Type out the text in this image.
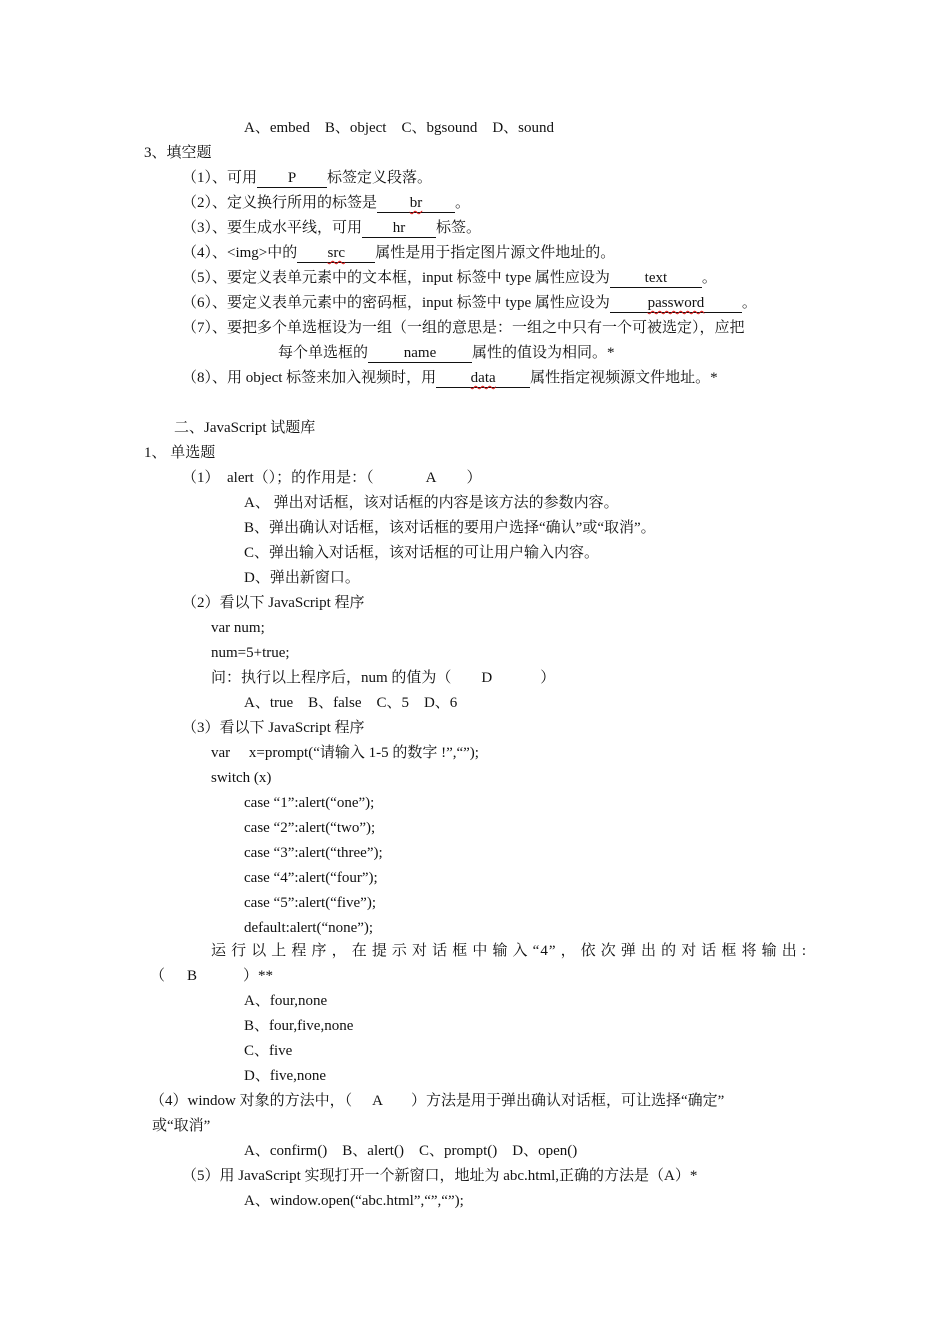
A、embed　B、object　C、bgsound　D、sound
3、填空题
（1）、可用 P 标签定义段落。
（2）、定义换行所用的标签是 br 。
（3）、要生成水平线，可用 hr 标签。
（4）、<img>中的 src 属性是用于指定图片源文件地址的。
（5）、要定义表单元素中的文本框，input 标签中 type 属性应设为 text 。
（6）、要定义表单元素中的密码框，input 标签中 type 属性应设为	password	。
（7）、要把多个单选框设为一组（一组的意思是：一组之中只有一个可被选定），应把
每个单选框的 name 属性的值设为相同。*
（8）、用 object 标签来加入视频时，用 data 属性指定视频源文件地址。*
二、JavaScript 试题库
1、 单选题
（1）　alert（）；的作用是：（	A ）
A、 弹出对话框，该对话框的内容是该方法的参数内容。
B、弹出确认对话框，该对话框的要用户选择“确认”或“取消”。
C、弹出输入对话框，该对话框的可让用户输入内容。
D、弹出新窗口。
（2）看以下 JavaScript 程序
var num;
num=5+true;
问：执行以上程序后，num 的值为（ D	）
A、true　B、false　C、5　D、6
（3）看以下 JavaScript 程序
var　 x=prompt(“请输入 1-5 的数字 !”,“”);
switch (x)
case “1”:alert(“one”);
case “2”:alert(“two”);
case “3”:alert(“three”);
case “4”:alert(“four”);
case “5”:alert(“five”);
default:alert(“none”);
运行以上程序，在提示对话框中输入“4”，依次弹出的对话框将输出:
（ B	）**
A、four,none
B、four,five,none
C、five
D、five,none
（4）window 对象的方法中，（ A ）方法是用于弹出确认对话框，可让选择“确定”
或“取消”
A、confirm()　B、alert()　C、prompt()　D、open()
（5）用 JavaScript 实现打开一个新窗口，地址为 abc.html,正确的方法是（A）*
A、window.open(“abc.html”,“”,“”);
